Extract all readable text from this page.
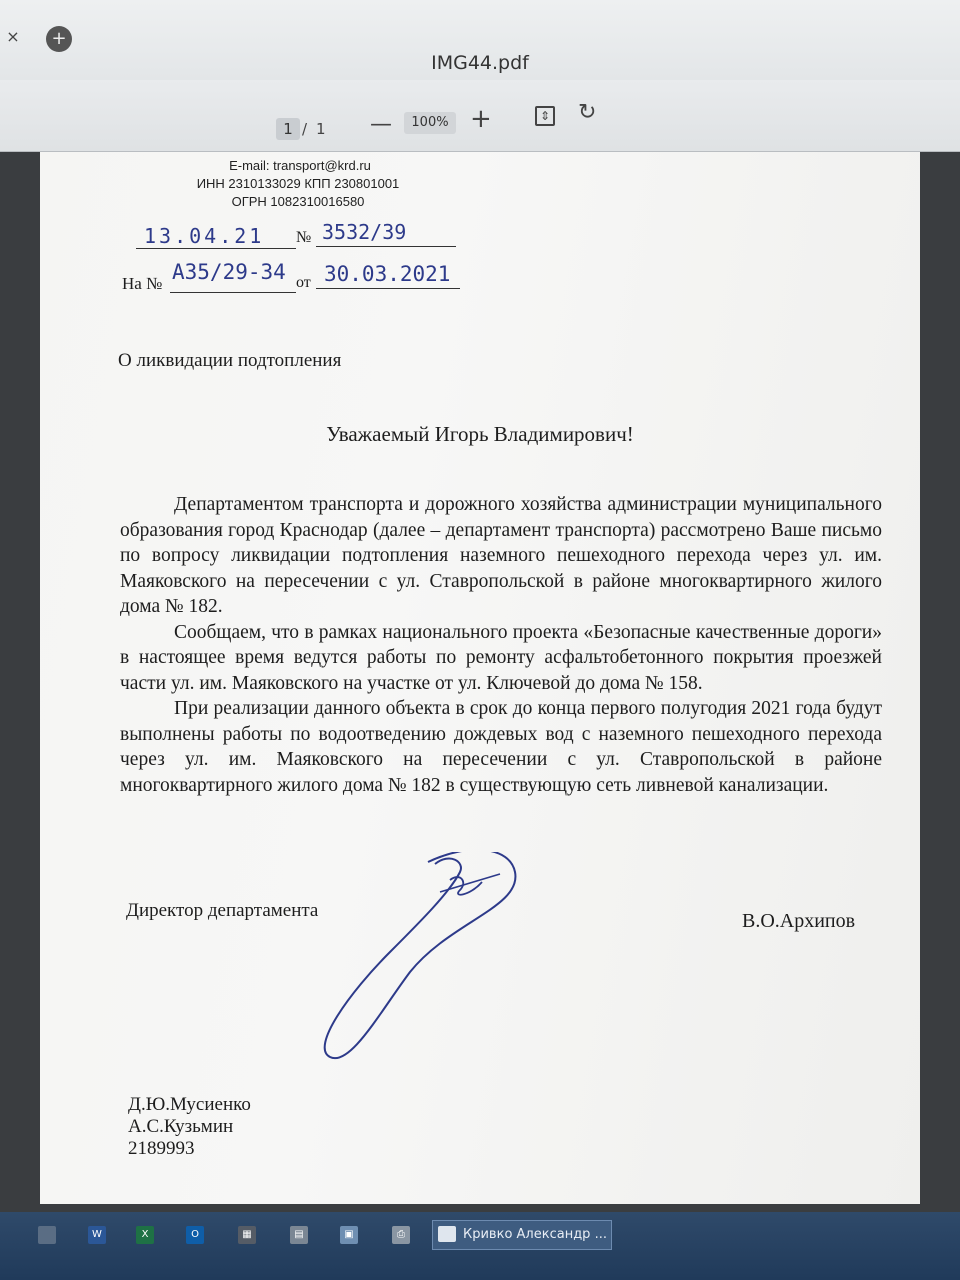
×	+
IMG44.pdf
1 / 1 —	100% +	⇕ ↻
E-mail: transport@krd.ru
ИНН 2310133029 КПП 230801001
ОГРН 1082310016580
13.04.21 № 3532/39
На № А35/29-34 от 30.03.2021
О ликвидации подтопления
Уважаемый Игорь Владимирович!

Департаментом транспорта и дорожного хозяйства администрации муниципального образования город Краснодар (далее – департамент транспорта) рассмотрено Ваше письмо по вопросу ликвидации подтопления наземного пешеходного перехода через ул. им. Маяковского на пересечении с ул. Ставропольской в районе многоквартирного жилого дома № 182.

Сообщаем, что в рамках национального проекта «Безопасные качественные дороги» в настоящее время ведутся работы по ремонту асфальтобетонного покрытия проезжей части ул. им. Маяковского на участке от ул. Ключевой до дома № 158.

При реализации данного объекта в срок до конца первого полугодия 2021 года будут выполнены работы по водоотведению дождевых вод с наземного пешеходного перехода через ул. им. Маяковского на пересечении с ул. Ставропольской в районе многоквартирного жилого дома № 182 в существующую сеть ливневой канализации.

Директор департамента	В.О.Архипов
Д.Ю.Мусиенко
А.С.Кузьмин
2189993
W	X	O	▦	▤	▣	⎙	Кривко Александр ...
